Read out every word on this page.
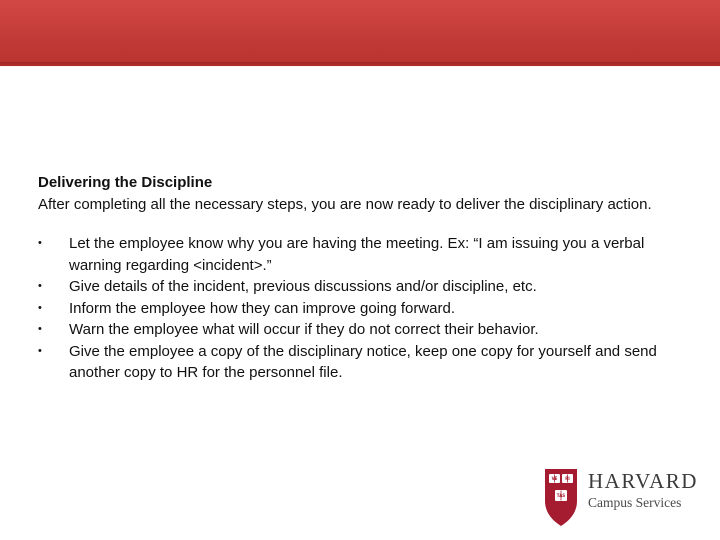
Delivering the Discipline

After completing all the necessary steps, you are now ready to deliver the disciplinary action.

•	Let the employee know why you are having the meeting. Ex: “I am issuing you a verbal warning regarding <incident>.”
•	Give details of the incident, previous discussions and/or discipline, etc.
•	Inform the employee how they can improve going forward.
•	Warn the employee what will occur if they do not correct their behavior.
•	Give the employee a copy of the disciplinary notice, keep one copy for yourself and send another copy to HR for the personnel file.
VE RI
TAS
HARVARD
Campus Services
